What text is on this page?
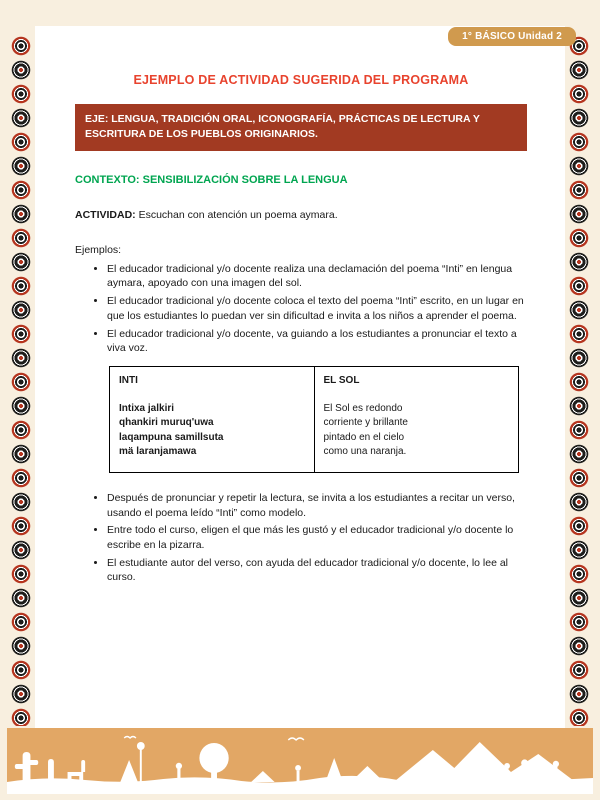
1° BÁSICO Unidad 2
EJEMPLO DE ACTIVIDAD SUGERIDA DEL PROGRAMA
EJE: LENGUA, TRADICIÓN ORAL, ICONOGRAFÍA, PRÁCTICAS DE LECTURA Y ESCRITURA DE LOS PUEBLOS ORIGINARIOS.
CONTEXTO: SENSIBILIZACIÓN SOBRE LA LENGUA
ACTIVIDAD: Escuchan con atención un poema aymara.
Ejemplos:
• El educador tradicional y/o docente realiza una declamación del poema “Inti” en lengua aymara, apoyado con una imagen del sol.
• El educador tradicional y/o docente coloca el texto del poema “Inti” escrito, en un lugar en que los estudiantes lo puedan ver sin dificultad e invita a los niños a aprender el poema.
• El educador tradicional y/o docente, va guiando a los estudiantes a pronunciar el texto a viva voz.
INTI
Intixa jalkiri
qhankiri muruq'uwa
laqampuna samillsuta
mä laranjamawa
EL SOL
El Sol es redondo
corriente y brillante
pintado en el cielo
como una naranja.
• Después de pronunciar y repetir la lectura, se invita a los estudiantes a recitar un verso, usando el poema leído “Inti” como modelo.
• Entre todo el curso, eligen el que más les gustó y el educador tradicional y/o docente lo escribe en la pizarra.
• El estudiante autor del verso, con ayuda del educador tradicional y/o docente, lo lee al curso.
